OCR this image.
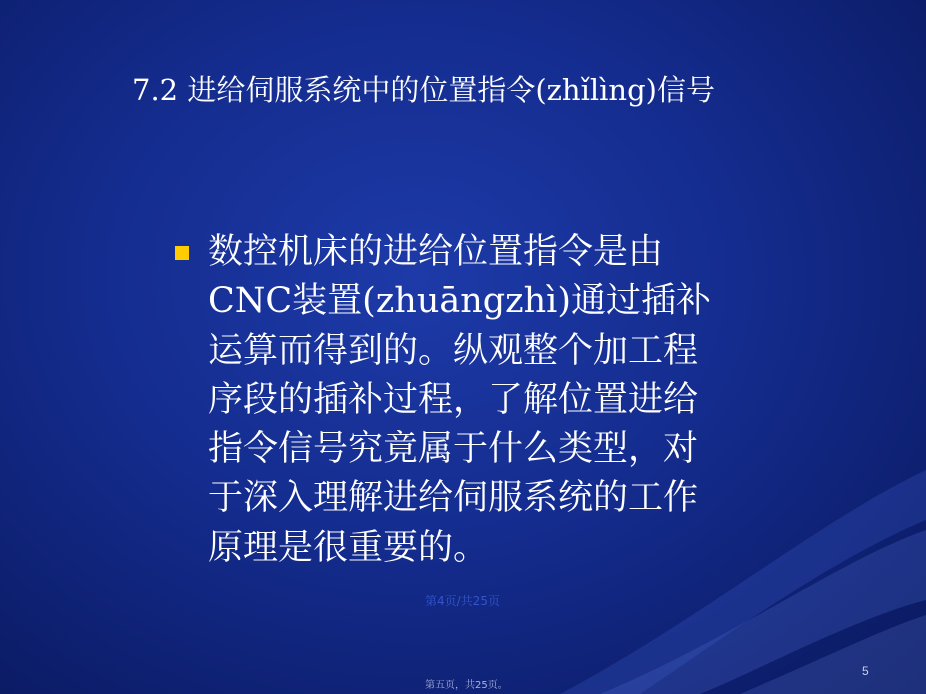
7.2 进给伺服系统中的位置指令(zhǐlìng)信号
数控机床的进给位置指令是由
CNC装置(zhuāngzhì)通过插补
运算而得到的。纵观整个加工程
序段的插补过程，了解位置进给
指令信号究竟属于什么类型，对
于深入理解进给伺服系统的工作
原理是很重要的。
第4页/共25页
5
第五页，共25页。
